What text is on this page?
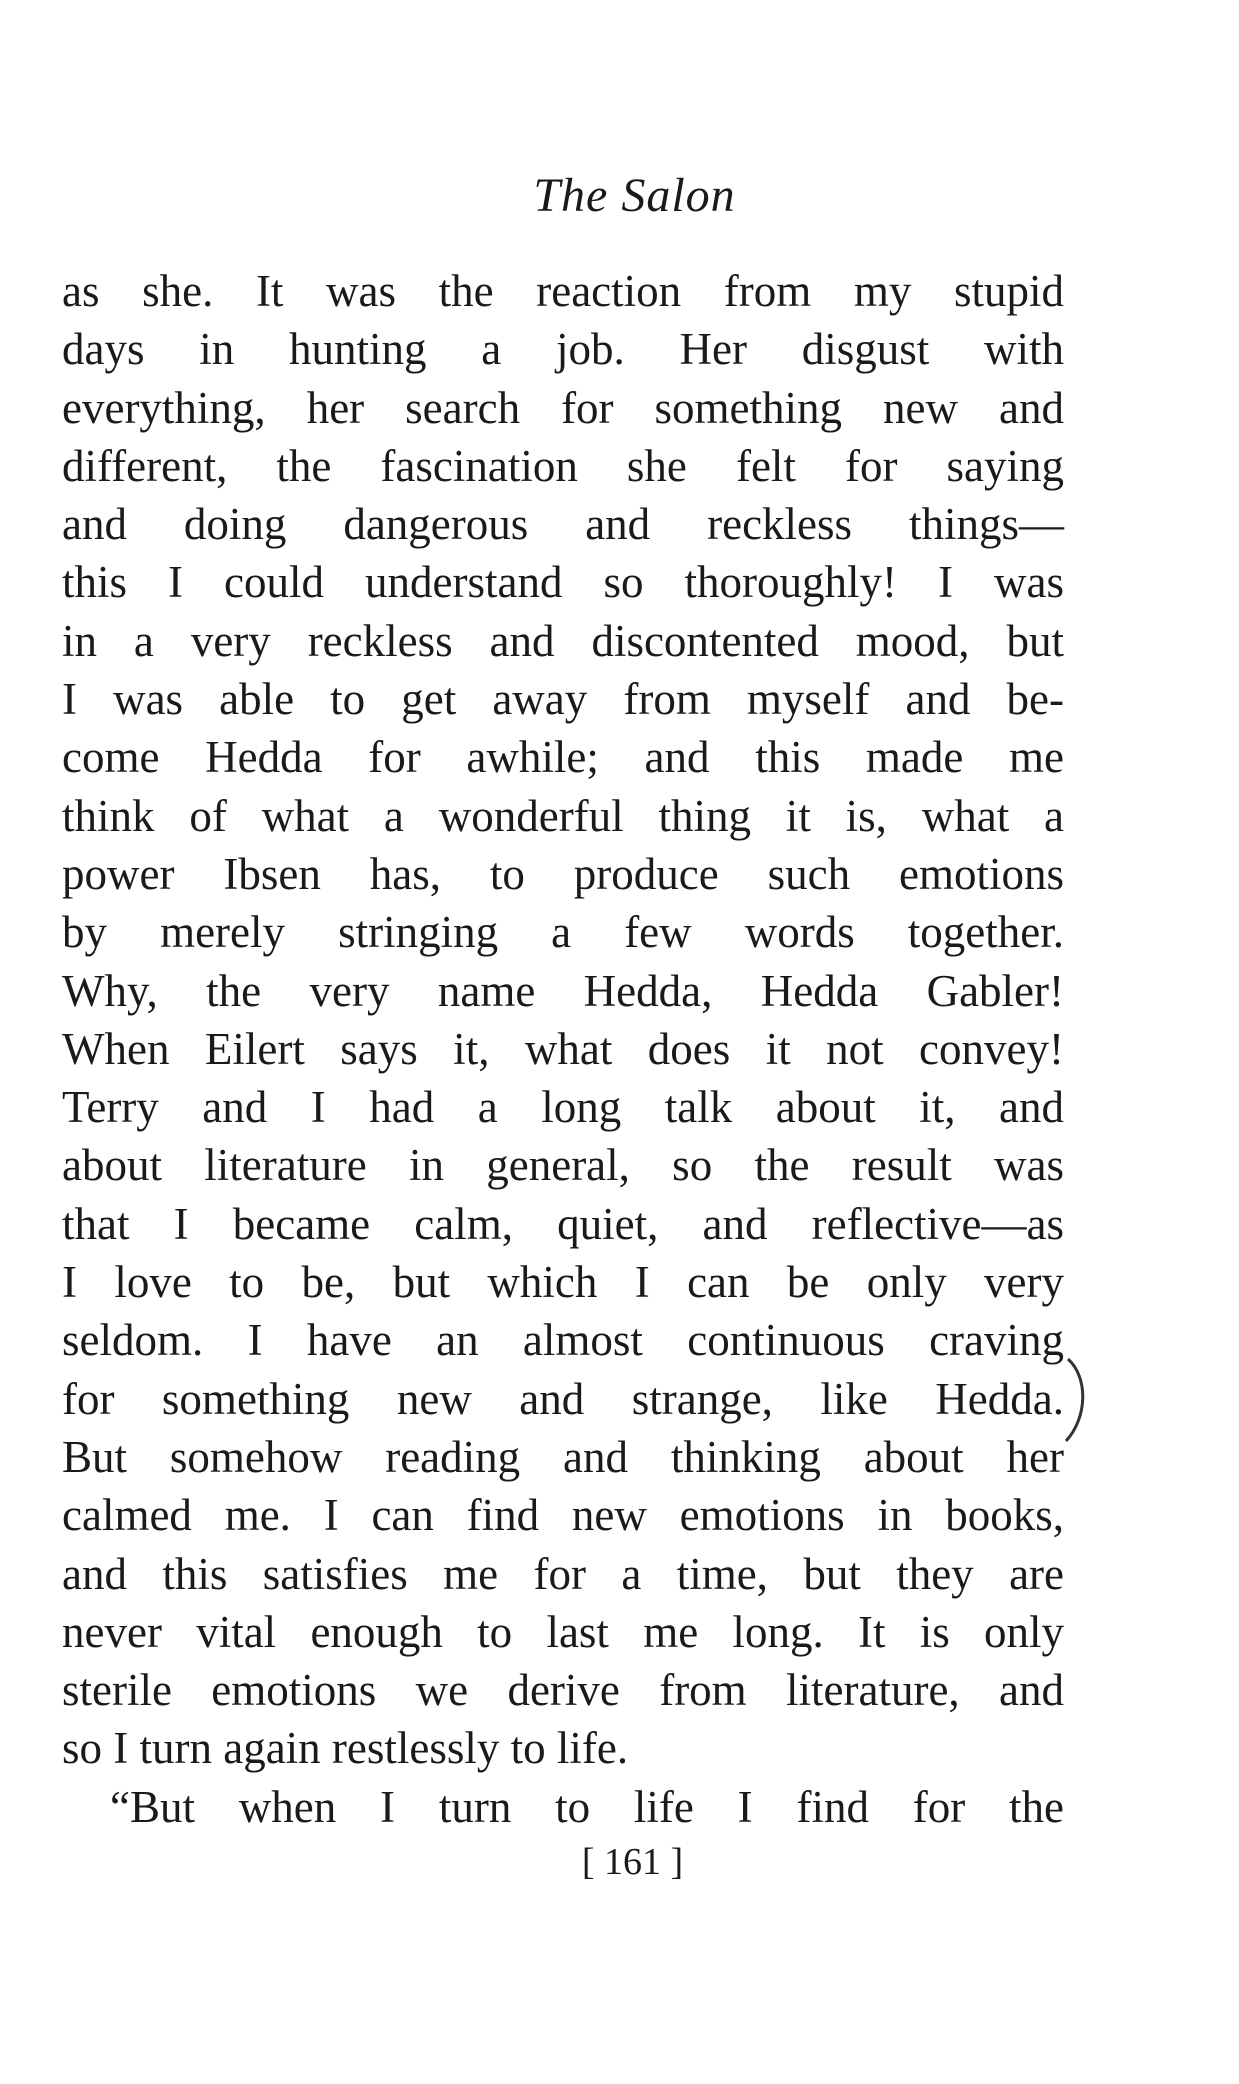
The Salon
as she. It was the reaction from my stupid
days in hunting a job. Her disgust with
everything, her search for something new and
different, the fascination she felt for saying
and doing dangerous and reckless things—
this I could understand so thoroughly! I was
in a very reckless and discontented mood, but
I was able to get away from myself and be-
come Hedda for awhile; and this made me
think of what a wonderful thing it is, what a
power Ibsen has, to produce such emotions
by merely stringing a few words together.
Why, the very name Hedda, Hedda Gabler!
When Eilert says it, what does it not convey!
Terry and I had a long talk about it, and
about literature in general, so the result was
that I became calm, quiet, and reflective—as
I love to be, but which I can be only very
seldom. I have an almost continuous craving
for something new and strange, like Hedda.
But somehow reading and thinking about her
calmed me. I can find new emotions in books,
and this satisfies me for a time, but they are
never vital enough to last me long. It is only
sterile emotions we derive from literature, and
so I turn again restlessly to life.
“But when I turn to life I find for the
[ 161 ]
